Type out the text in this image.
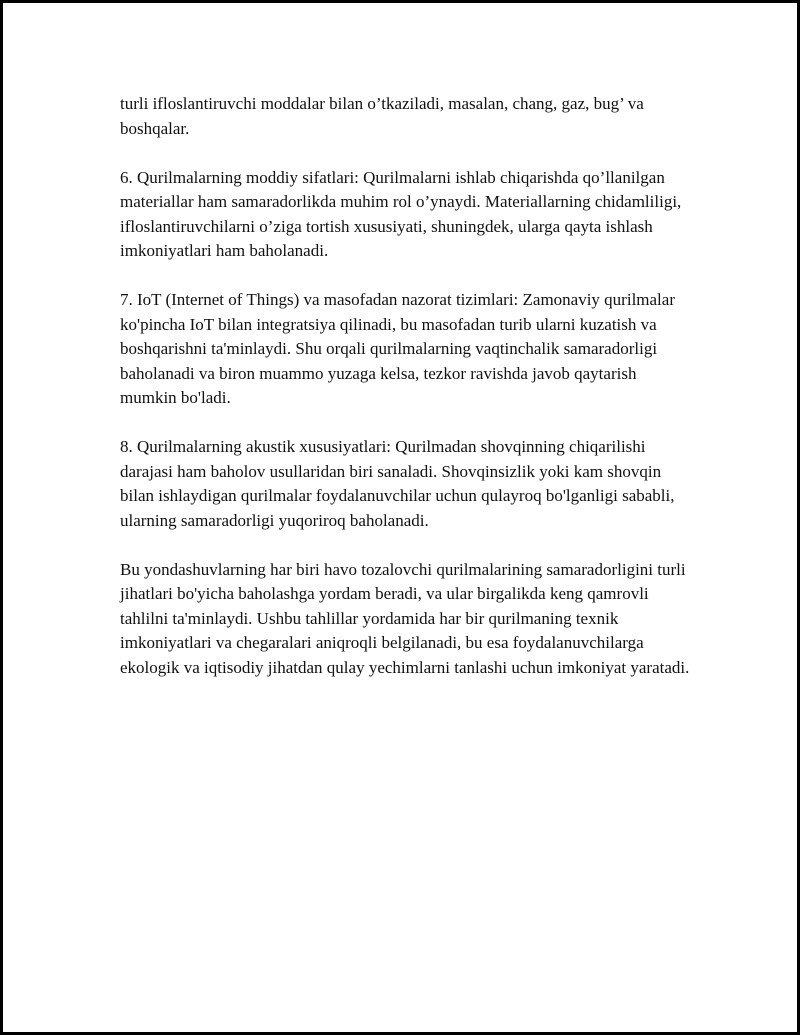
turli ifloslantiruvchi moddalar bilan o’tkaziladi, masalan, chang, gaz, bug’ va boshqalar.

6. Qurilmalarning moddiy sifatlari: Qurilmalarni ishlab chiqarishda qo’llanilgan materiallar ham samaradorlikda muhim rol o’ynaydi. Materiallarning chidamliligi, ifloslantiruvchilarni o’ziga tortish xususiyati, shuningdek, ularga qayta ishlash imkoniyatlari ham baholanadi.

7. IoT (Internet of Things) va masofadan nazorat tizimlari: Zamonaviy qurilmalar ko'pincha IoT bilan integratsiya qilinadi, bu masofadan turib ularni kuzatish va boshqarishni ta'minlaydi. Shu orqali qurilmalarning vaqtinchalik samaradorligi baholanadi va biron muammo yuzaga kelsa, tezkor ravishda javob qaytarish mumkin bo'ladi.

8. Qurilmalarning akustik xususiyatlari: Qurilmadan shovqinning chiqarilishi darajasi ham baholov usullaridan biri sanaladi. Shovqinsizlik yoki kam shovqin bilan ishlaydigan qurilmalar foydalanuvchilar uchun qulayroq bo'lganligi sababli, ularning samaradorligi yuqoriroq baholanadi.

Bu yondashuvlarning har biri havo tozalovchi qurilmalarining samaradorligini turli jihatlari bo'yicha baholashga yordam beradi, va ular birgalikda keng qamrovli tahlilni ta'minlaydi. Ushbu tahlillar yordamida har bir qurilmaning texnik imkoniyatlari va chegaralari aniqroqli belgilanadi, bu esa foydalanuvchilarga ekologik va iqtisodiy jihatdan qulay yechimlarni tanlashi uchun imkoniyat yaratadi.
